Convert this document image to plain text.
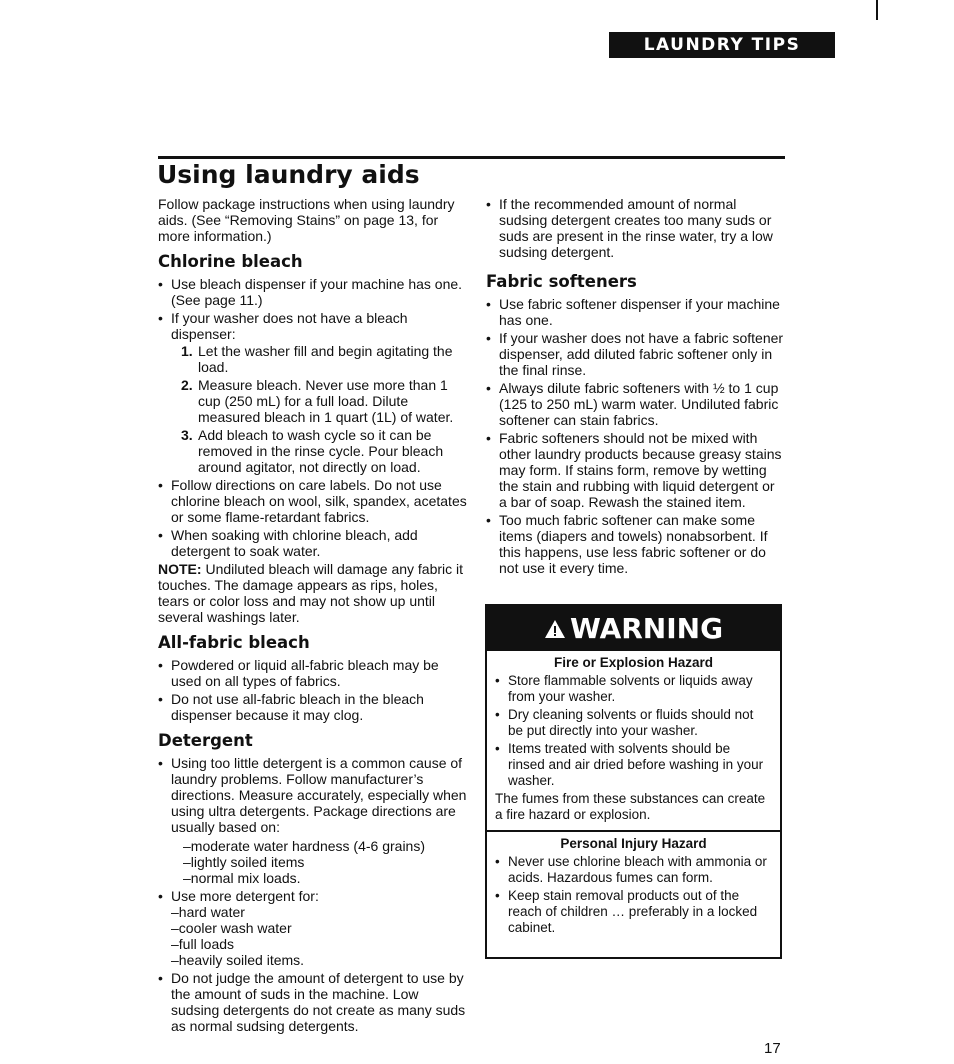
LAUNDRY TIPS
Using laundry aids

Follow package instructions when using laundry aids. (See “Removing Stains” on page 13, for more information.)

Chlorine bleach
• Use bleach dispenser if your machine has one. (See page 11.)
• If your washer does not have a bleach dispenser:
1. Let the washer fill and begin agitating the load.
2. Measure bleach. Never use more than 1 cup (250 mL) for a full load. Dilute measured bleach in 1 quart (1L) of water.
3. Add bleach to wash cycle so it can be removed in the rinse cycle. Pour bleach around agitator, not directly on load.
• Follow directions on care labels. Do not use chlorine bleach on wool, silk, spandex, acetates or some flame-retardant fabrics.
• When soaking with chlorine bleach, add detergent to soak water.

NOTE: Undiluted bleach will damage any fabric it touches. The damage appears as rips, holes, tears or color loss and may not show up until several washings later.

All-fabric bleach
• Powdered or liquid all-fabric bleach may be used on all types of fabrics.
• Do not use all-fabric bleach in the bleach dispenser because it may clog.
Detergent
• Using too little detergent is a common cause of laundry problems. Follow manufacturer’s directions. Measure accurately, especially when using ultra detergents. Package directions are usually based on:
–moderate water hardness (4-6 grains)
–lightly soiled items
–normal mix loads.
• Use more detergent for:
–hard water
–cooler wash water
–full loads
–heavily soiled items.
• Do not judge the amount of detergent to use by the amount of suds in the machine. Low sudsing detergents do not create as many suds as normal sudsing detergents.
• If the recommended amount of normal sudsing detergent creates too many suds or suds are present in the rinse water, try a low sudsing detergent.
Fabric softeners
• Use fabric softener dispenser if your machine has one.
• If your washer does not have a fabric softener dispenser, add diluted fabric softener only in the final rinse.
• Always dilute fabric softeners with ½ to 1 cup (125 to 250 mL) warm water. Undiluted fabric softener can stain fabrics.
• Fabric softeners should not be mixed with other laundry products because greasy stains may form. If stains form, remove by wetting the stain and rubbing with liquid detergent or a bar of soap. Rewash the stained item.
• Too much fabric softener can make some items (diapers and towels) nonabsorbent. If this happens, use less fabric softener or do not use it every time.
WARNING
Fire or Explosion Hazard
• Store flammable solvents or liquids away from your washer.
• Dry cleaning solvents or fluids should not be put directly into your washer.
• Items treated with solvents should be rinsed and air dried before washing in your washer.

The fumes from these substances can create a fire hazard or explosion.

Personal Injury Hazard
• Never use chlorine bleach with ammonia or acids. Hazardous fumes can form.
• Keep stain removal products out of the reach of children … preferably in a locked cabinet.
17
